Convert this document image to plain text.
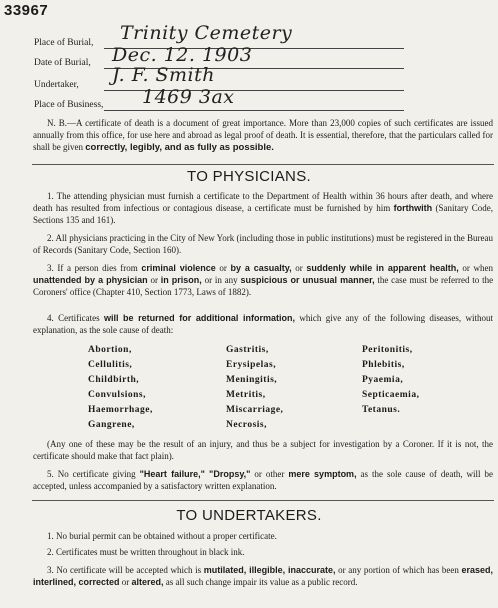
33967
Place of Burial, Trinity Cemetery
Date of Burial, Dec. 12. 1903
Undertaker, J. F. Smith
Place of Business, 1469 3ax
N. B.—A certificate of death is a document of great importance. More than 23,000 copies of such certificates are issued annually from this office, for use here and abroad as legal proof of death. It is essential, therefore, that the particulars called for shall be given correctly, legibly, and as fully as possible.
TO PHYSICIANS.
1. The attending physician must furnish a certificate to the Department of Health within 36 hours after death, and where death has resulted from infectious or contagious disease, a certificate must be furnished by him forthwith (Sanitary Code, Sections 135 and 161).
2. All physicians practicing in the City of New York (including those in public institutions) must be registered in the Bureau of Records (Sanitary Code, Section 160).
3. If a person dies from criminal violence or by a casualty, or suddenly while in apparent health, or when unattended by a physician or in prison, or in any suspicious or unusual manner, the case must be referred to the Coroners' office (Chapter 410, Section 1773, Laws of 1882).
4. Certificates will be returned for additional information, which give any of the following diseases, without explanation, as the sole cause of death:
Abortion,	Gastritis,	Peritonitis,
Cellulitis,	Erysipelas,	Phlebitis,
Childbirth,	Meningitis,	Pyaemia,
Convulsions,	Metritis,	Septicaemia,
Haemorrhage,	Miscarriage,	Tetanus.
Gangrene,	Necrosis,
(Any one of these may be the result of an injury, and thus be a subject for investigation by a Coroner. If it is not, the certificate should make that fact plain).
5. No certificate giving "Heart failure," "Dropsy," or other mere symptom, as the sole cause of death, will be accepted, unless accompanied by a satisfactory written explanation.
TO UNDERTAKERS.
1. No burial permit can be obtained without a proper certificate.
2. Certificates must be written throughout in black ink.
3. No certificate will be accepted which is mutilated, illegible, inaccurate, or any portion of which has been erased, interlined, corrected or altered, as all such change impair its value as a public record.
